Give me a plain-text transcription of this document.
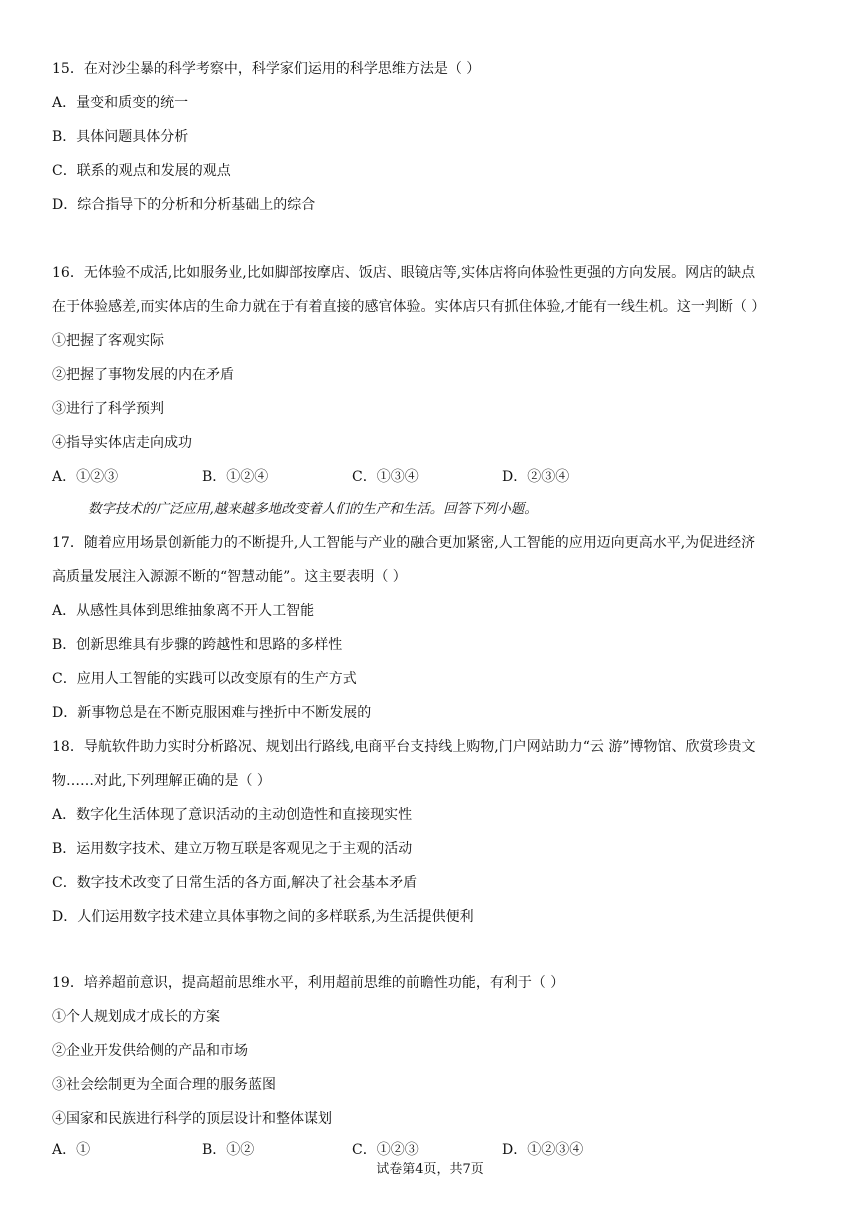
15．在对沙尘暴的科学考察中，科学家们运用的科学思维方法是（ ）
A．量变和质变的统一
B．具体问题具体分析
C．联系的观点和发展的观点
D．综合指导下的分析和分析基础上的综合
16．无体验不成活,比如服务业,比如脚部按摩店、饭店、眼镜店等,实体店将向体验性更强的方向发展。网店的缺点
在于体验感差,而实体店的生命力就在于有着直接的感官体验。实体店只有抓住体验,才能有一线生机。这一判断（ ）
①把握了客观实际
②把握了事物发展的内在矛盾
③进行了科学预判
④指导实体店走向成功
A．①②③	B．①②④	C．①③④	D．②③④
数字技术的广泛应用,越来越多地改变着人们的生产和生活。回答下列小题。
17．随着应用场景创新能力的不断提升,人工智能与产业的融合更加紧密,人工智能的应用迈向更高水平,为促进经济
高质量发展注入源源不断的“智慧动能”。这主要表明（ ）
A．从感性具体到思维抽象离不开人工智能
B．创新思维具有步骤的跨越性和思路的多样性
C．应用人工智能的实践可以改变原有的生产方式
D．新事物总是在不断克服困难与挫折中不断发展的
18．导航软件助力实时分析路况、规划出行路线,电商平台支持线上购物,门户网站助力“云 游”博物馆、欣赏珍贵文
物……对此,下列理解正确的是（ ）
A．数字化生活体现了意识活动的主动创造性和直接现实性
B．运用数字技术、建立万物互联是客观见之于主观的活动
C．数字技术改变了日常生活的各方面,解决了社会基本矛盾
D．人们运用数字技术建立具体事物之间的多样联系,为生活提供便利
19．培养超前意识，提高超前思维水平，利用超前思维的前瞻性功能，有利于（ ）
①个人规划成才成长的方案
②企业开发供给侧的产品和市场
③社会绘制更为全面合理的服务蓝图
④国家和民族进行科学的顶层设计和整体谋划
A．①	B．①②	C．①②③	D．①②③④
试卷第4页，共7页
